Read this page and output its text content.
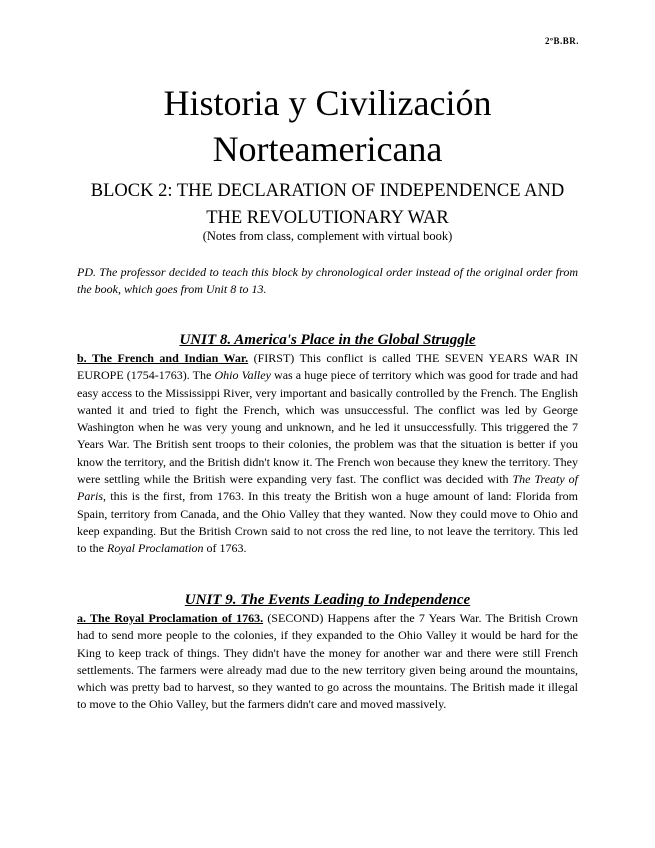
2ºB.BR.
Historia y Civilización
Norteamericana
BLOCK 2: THE DECLARATION OF INDEPENDENCE AND
THE REVOLUTIONARY WAR
(Notes from class, complement with virtual book)
PD. The professor decided to teach this block by chronological order instead of the original order from the book, which goes from Unit 8 to 13.
UNIT 8. America's Place in the Global Struggle
b. The French and Indian War. (FIRST) This conflict is called THE SEVEN YEARS WAR IN EUROPE (1754-1763). The Ohio Valley was a huge piece of territory which was good for trade and had easy access to the Mississippi River, very important and basically controlled by the French. The English wanted it and tried to fight the French, which was unsuccessful. The conflict was led by George Washington when he was very young and unknown, and he led it unsuccessfully. This triggered the 7 Years War. The British sent troops to their colonies, the problem was that the situation is better if you know the territory, and the British didn't know it. The French won because they knew the territory. They were settling while the British were expanding very fast. The conflict was decided with The Treaty of Paris, this is the first, from 1763. In this treaty the British won a huge amount of land: Florida from Spain, territory from Canada, and the Ohio Valley that they wanted. Now they could move to Ohio and keep expanding. But the British Crown said to not cross the red line, to not leave the territory. This led to the Royal Proclamation of 1763.
UNIT 9. The Events Leading to Independence
a. The Royal Proclamation of 1763. (SECOND) Happens after the 7 Years War. The British Crown had to send more people to the colonies, if they expanded to the Ohio Valley it would be hard for the King to keep track of things. They didn't have the money for another war and there were still French settlements. The farmers were already mad due to the new territory given being around the mountains, which was pretty bad to harvest, so they wanted to go across the mountains. The British made it illegal to move to the Ohio Valley, but the farmers didn't care and moved massively.
